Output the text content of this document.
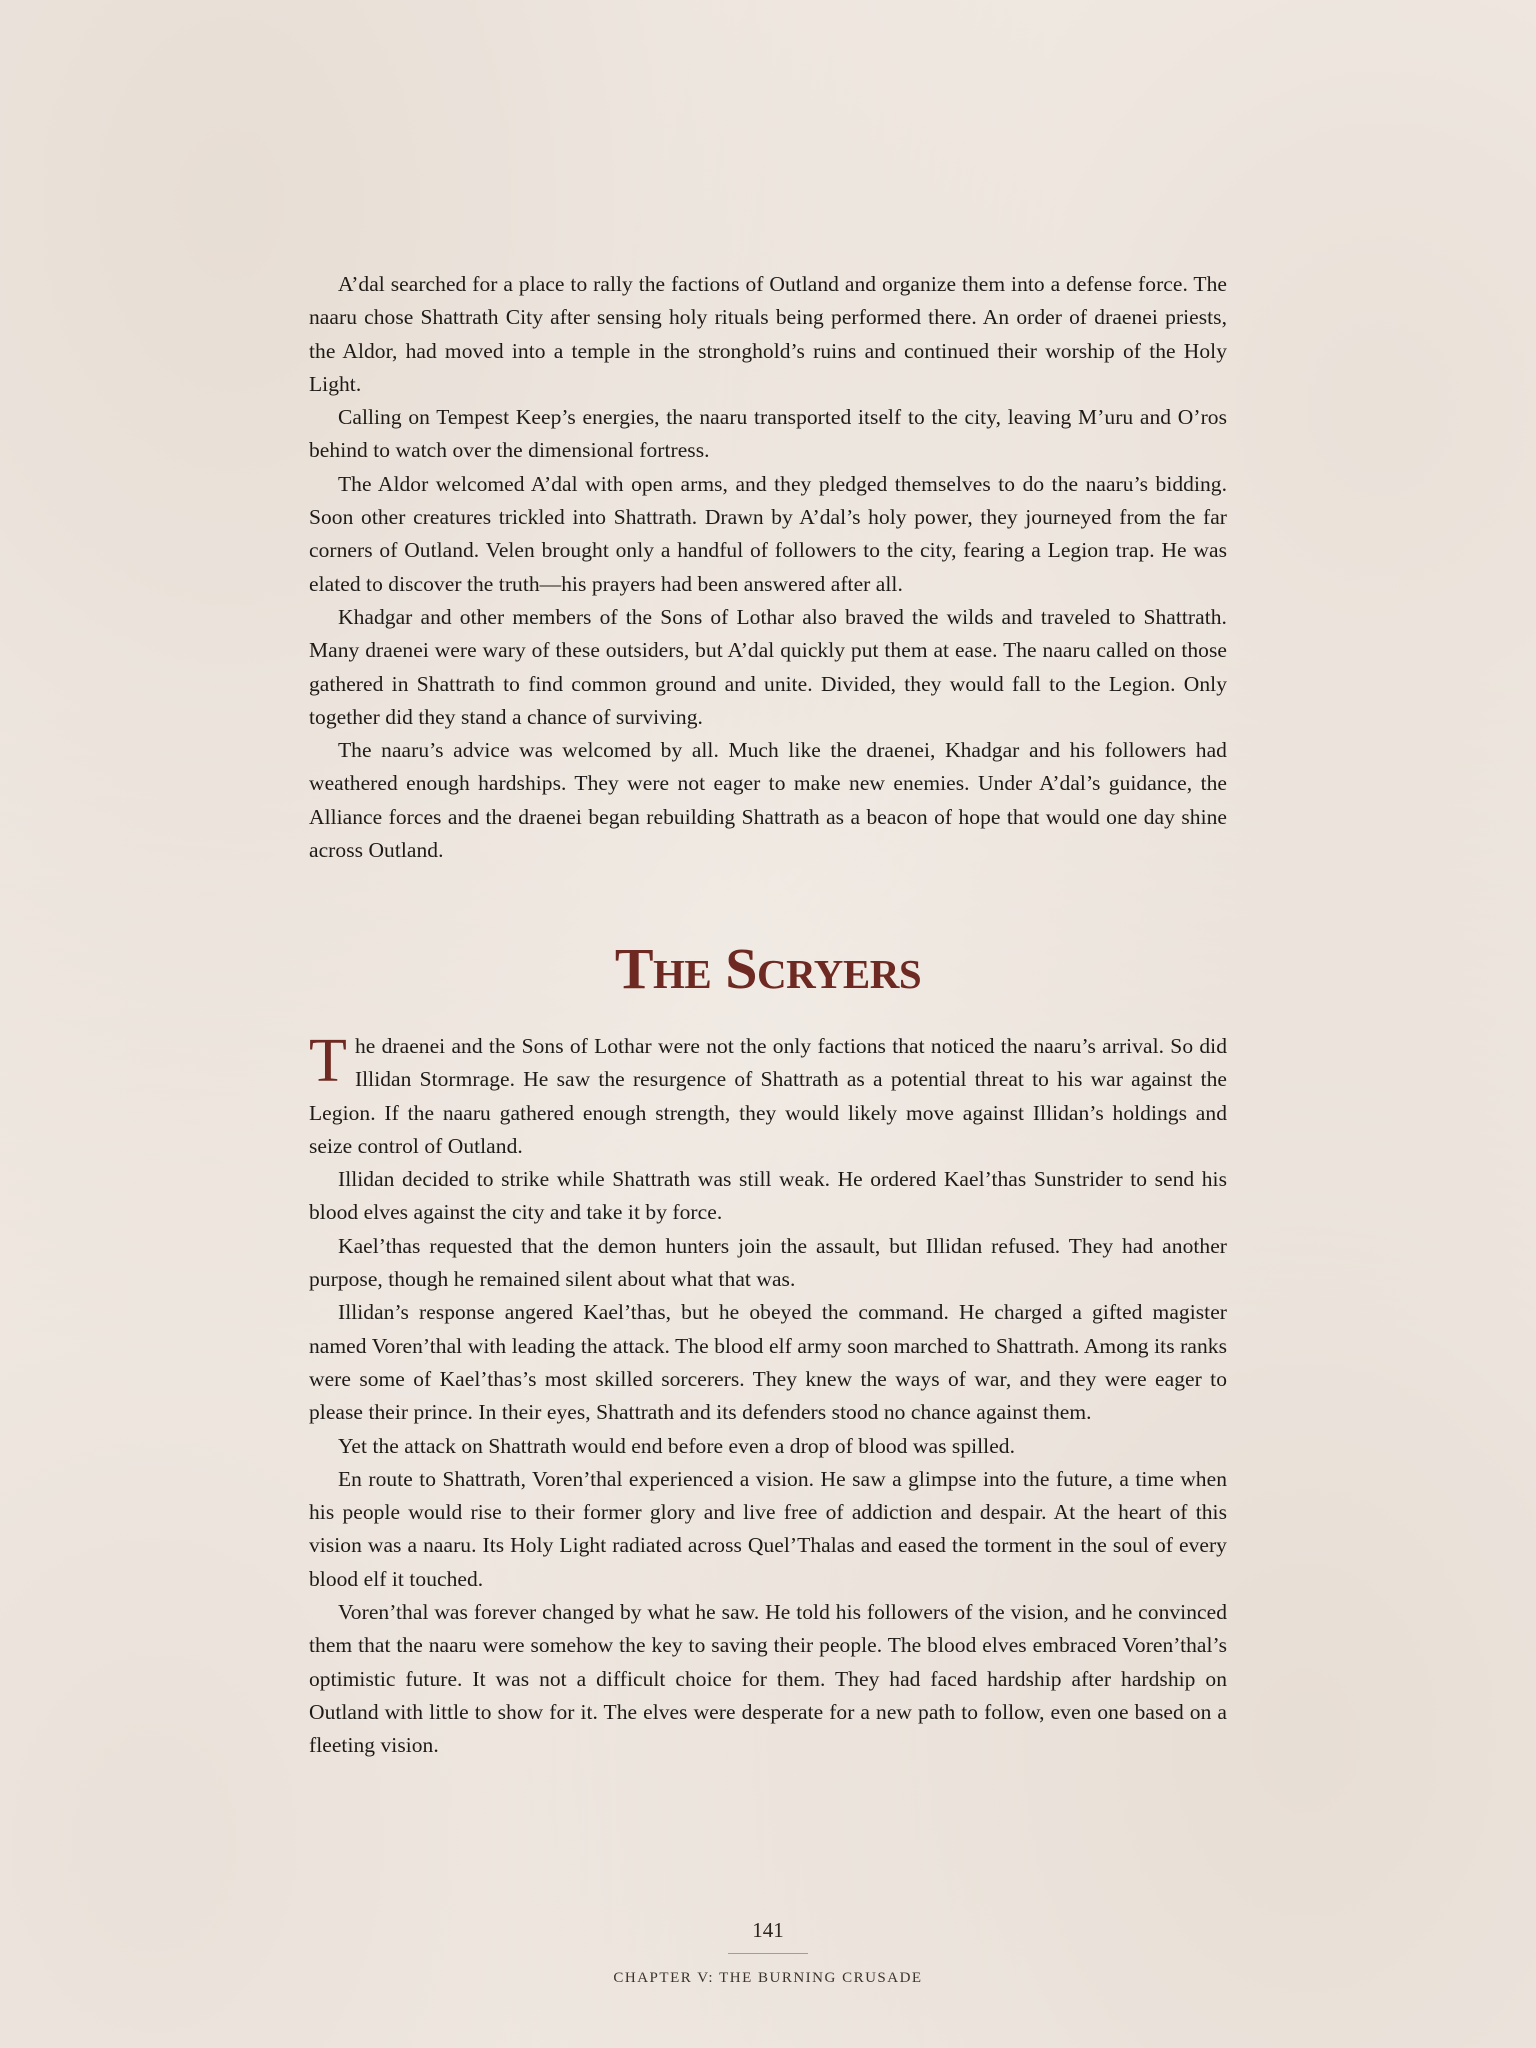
A’dal searched for a place to rally the factions of Outland and organize them into a defense force. The naaru chose Shattrath City after sensing holy rituals being performed there. An order of draenei priests, the Aldor, had moved into a temple in the stronghold’s ruins and continued their worship of the Holy Light.

Calling on Tempest Keep’s energies, the naaru transported itself to the city, leaving M’uru and O’ros behind to watch over the dimensional fortress.

The Aldor welcomed A’dal with open arms, and they pledged themselves to do the naaru’s bidding. Soon other creatures trickled into Shattrath. Drawn by A’dal’s holy power, they journeyed from the far corners of Outland. Velen brought only a handful of followers to the city, fearing a Legion trap. He was elated to discover the truth—his prayers had been answered after all.

Khadgar and other members of the Sons of Lothar also braved the wilds and traveled to Shattrath. Many draenei were wary of these outsiders, but A’dal quickly put them at ease. The naaru called on those gathered in Shattrath to find common ground and unite. Divided, they would fall to the Legion. Only together did they stand a chance of surviving.

The naaru’s advice was welcomed by all. Much like the draenei, Khadgar and his followers had weathered enough hardships. They were not eager to make new enemies. Under A’dal’s guidance, the Alliance forces and the draenei began rebuilding Shattrath as a beacon of hope that would one day shine across Outland.

The Scryers

The draenei and the Sons of Lothar were not the only factions that noticed the naaru’s arrival. So did Illidan Stormrage. He saw the resurgence of Shattrath as a potential threat to his war against the Legion. If the naaru gathered enough strength, they would likely move against Illidan’s holdings and seize control of Outland.

Illidan decided to strike while Shattrath was still weak. He ordered Kael’thas Sunstrider to send his blood elves against the city and take it by force.

Kael’thas requested that the demon hunters join the assault, but Illidan refused. They had another purpose, though he remained silent about what that was.

Illidan’s response angered Kael’thas, but he obeyed the command. He charged a gifted magister named Voren’thal with leading the attack. The blood elf army soon marched to Shattrath. Among its ranks were some of Kael’thas’s most skilled sorcerers. They knew the ways of war, and they were eager to please their prince. In their eyes, Shattrath and its defenders stood no chance against them.

Yet the attack on Shattrath would end before even a drop of blood was spilled.

En route to Shattrath, Voren’thal experienced a vision. He saw a glimpse into the future, a time when his people would rise to their former glory and live free of addiction and despair. At the heart of this vision was a naaru. Its Holy Light radiated across Quel’Thalas and eased the torment in the soul of every blood elf it touched.

Voren’thal was forever changed by what he saw. He told his followers of the vision, and he convinced them that the naaru were somehow the key to saving their people. The blood elves embraced Voren’thal’s optimistic future. It was not a difficult choice for them. They had faced hardship after hardship on Outland with little to show for it. The elves were desperate for a new path to follow, even one based on a fleeting vision.

141
CHAPTER V: THE BURNING CRUSADE
